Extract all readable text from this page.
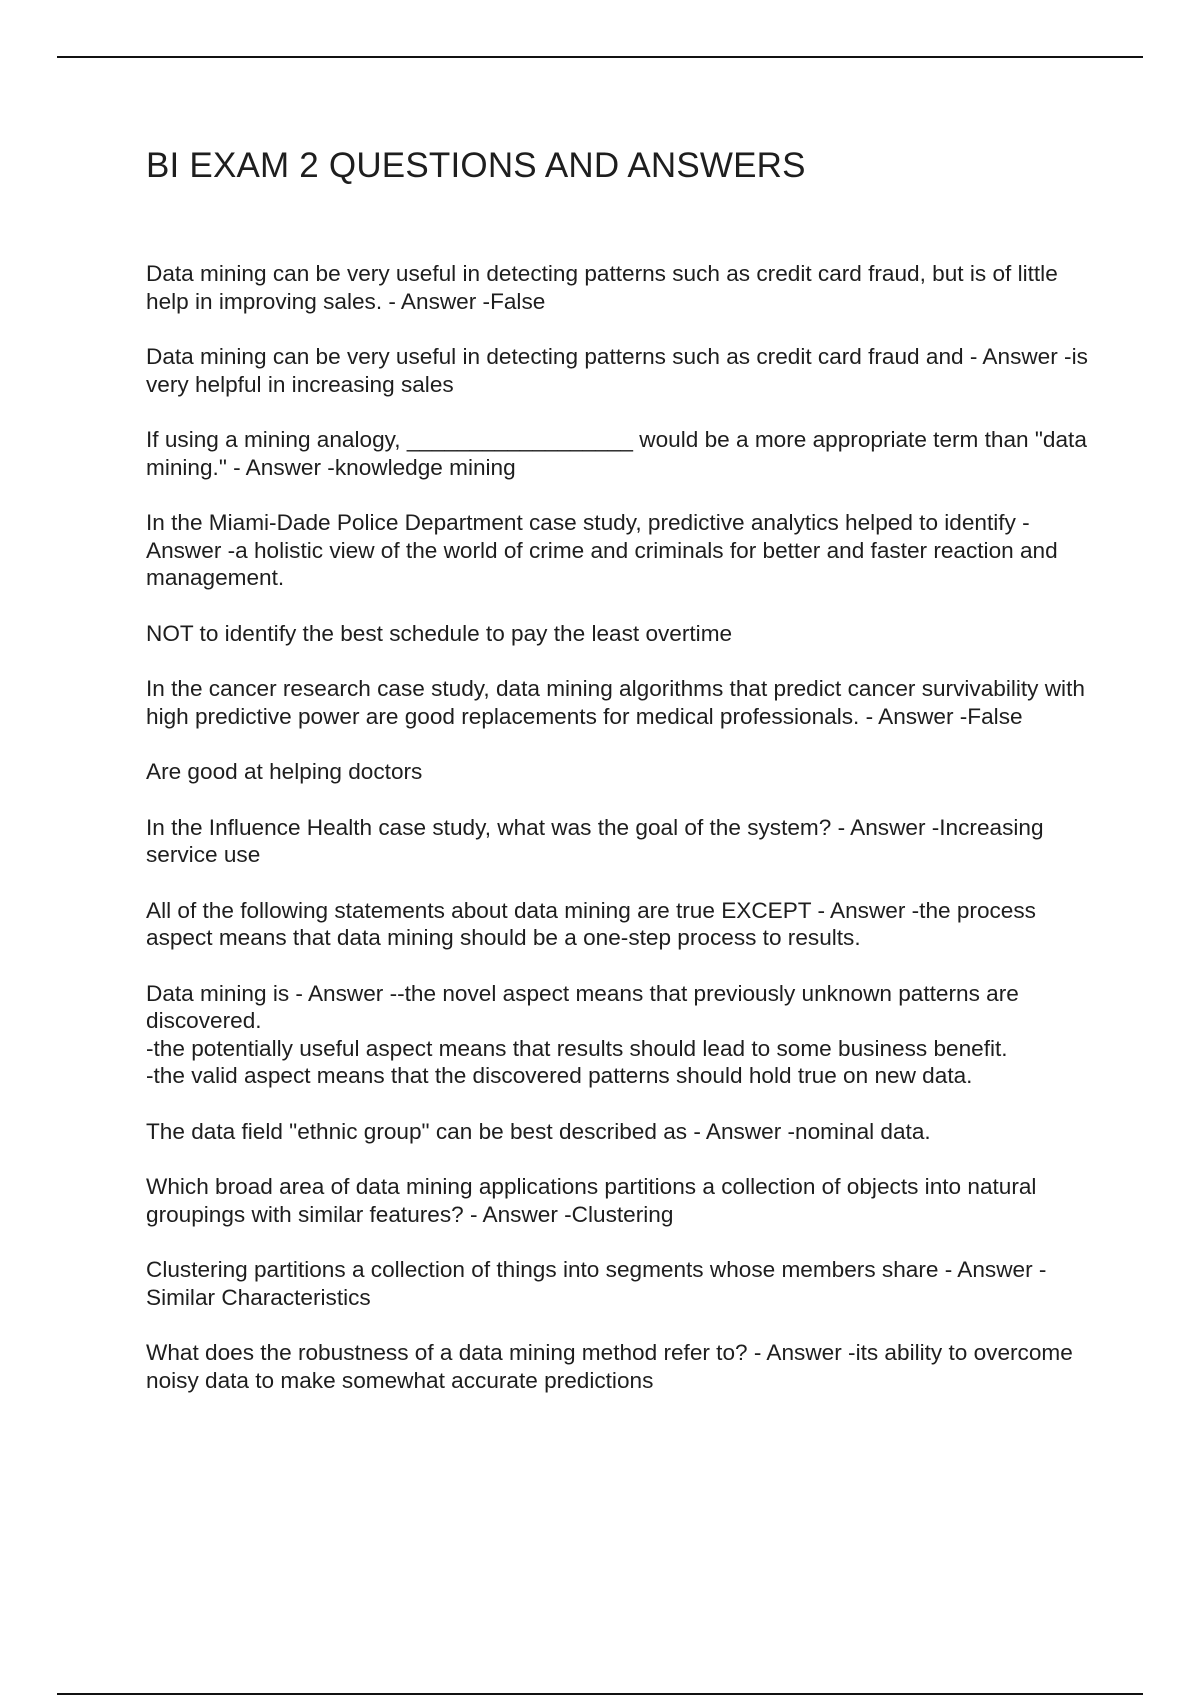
BI EXAM 2 QUESTIONS AND ANSWERS

Data mining can be very useful in detecting patterns such as credit card fraud, but is of little help in improving sales. - Answer -False

Data mining can be very useful in detecting patterns such as credit card fraud and - Answer -is very helpful in increasing sales

If using a mining analogy, __________________ would be a more appropriate term than "data mining." - Answer -knowledge mining

In the Miami-Dade Police Department case study, predictive analytics helped to identify - Answer -a holistic view of the world of crime and criminals for better and faster reaction and management.

NOT to identify the best schedule to pay the least overtime

In the cancer research case study, data mining algorithms that predict cancer survivability with high predictive power are good replacements for medical professionals. - Answer -False

Are good at helping doctors

In the Influence Health case study, what was the goal of the system? - Answer -Increasing service use

All of the following statements about data mining are true EXCEPT - Answer -the process aspect means that data mining should be a one-step process to results.

Data mining is - Answer --the novel aspect means that previously unknown patterns are discovered.
-the potentially useful aspect means that results should lead to some business benefit.
-the valid aspect means that the discovered patterns should hold true on new data.

The data field "ethnic group" can be best described as - Answer -nominal data.

Which broad area of data mining applications partitions a collection of objects into natural groupings with similar features? - Answer -Clustering

Clustering partitions a collection of things into segments whose members share - Answer -Similar Characteristics

What does the robustness of a data mining method refer to? - Answer -its ability to overcome noisy data to make somewhat accurate predictions
